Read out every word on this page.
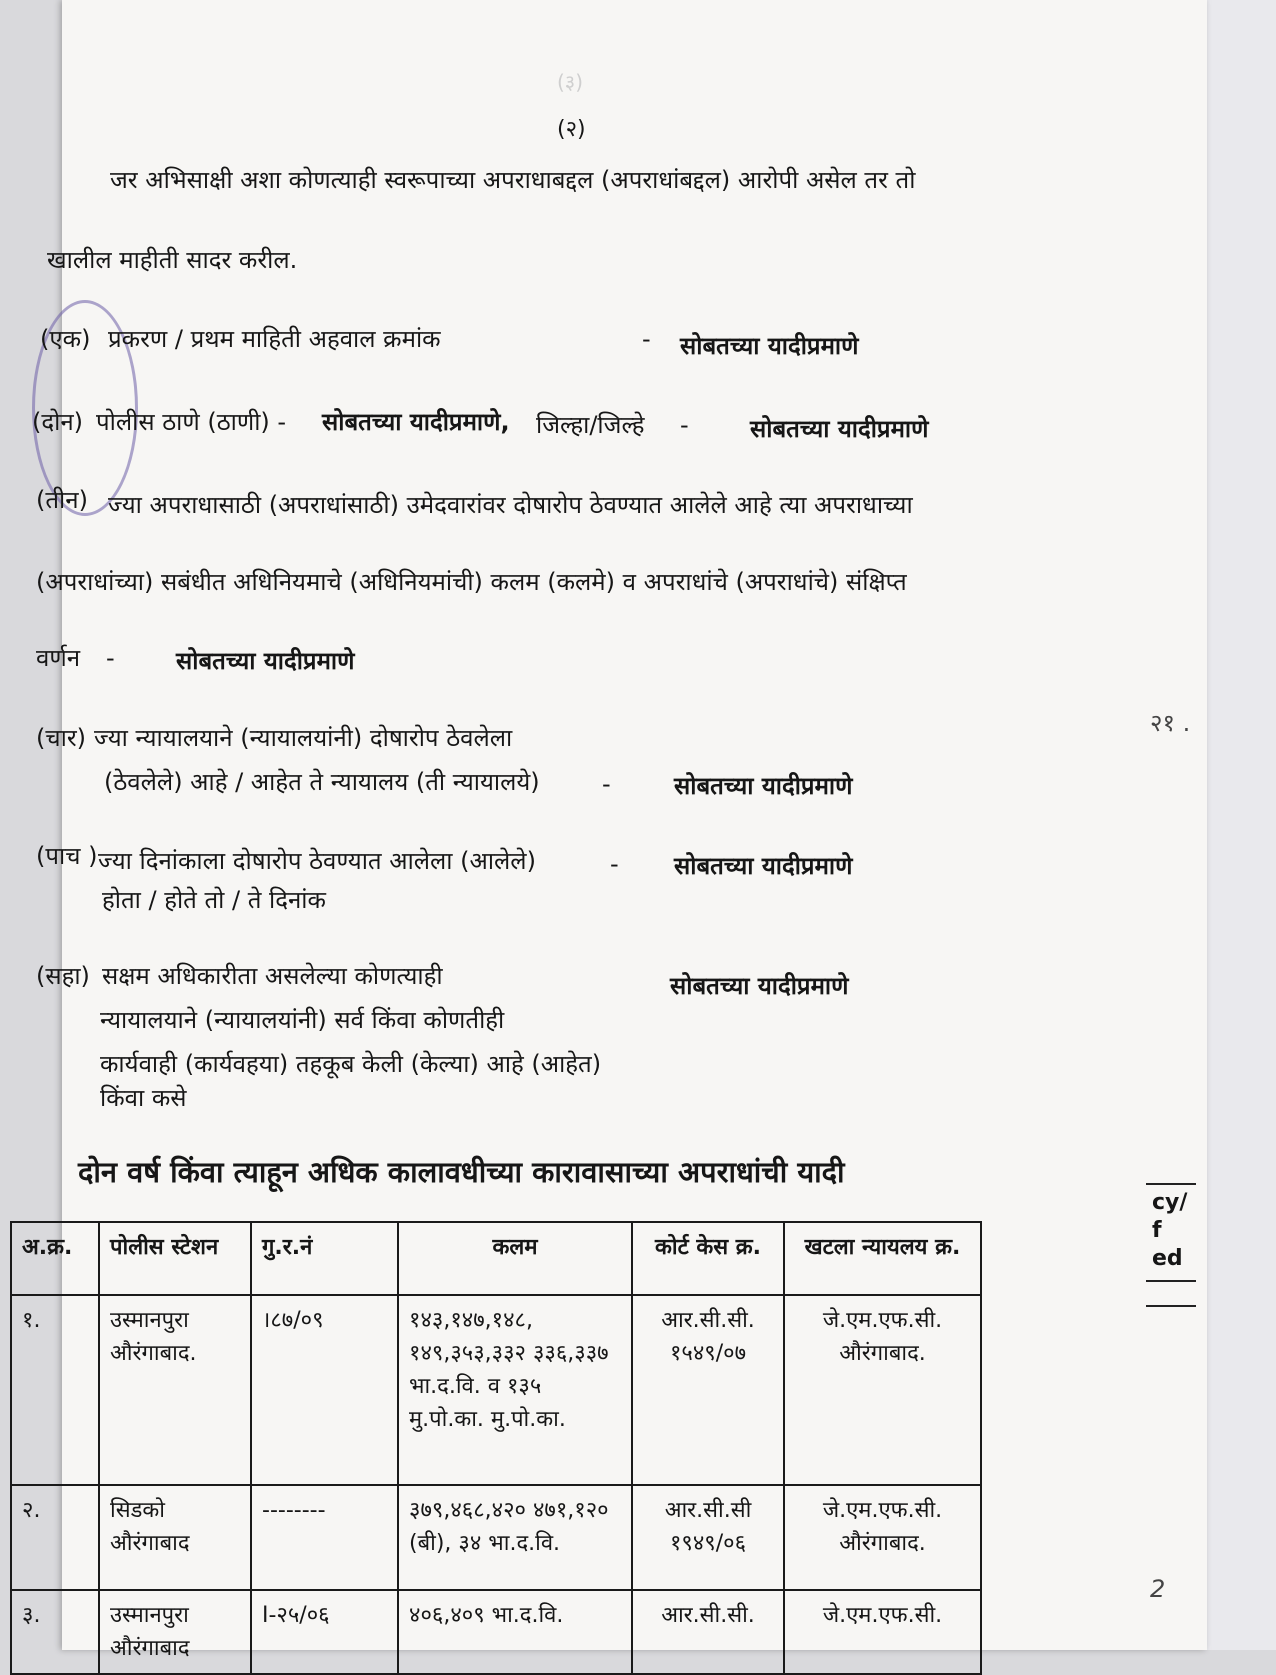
(३)
(२)
जर अभिसाक्षी अशा कोणत्याही स्वरूपाच्या अपराधाबद्दल (अपराधांबद्दल) आरोपी असेल तर तो
खालील माहीती सादर करील.
(एक) प्रकरण / प्रथम माहिती अहवाल क्रमांक	- सोबतच्या यादीप्रमाणे
(दोन) पोलीस ठाणे (ठाणी) - सोबतच्या यादीप्रमाणे, जिल्हा/जिल्हे -	सोबतच्या यादीप्रमाणे
(तीन) ज्या अपराधासाठी (अपराधांसाठी) उमेदवारांवर दोषारोप ठेवण्यात आलेले आहे त्या अपराधाच्या
(अपराधांच्या) सबंधीत अधिनियमाचे (अधिनियमांची) कलम (कलमे) व अपराधांचे (अपराधांचे) संक्षिप्त
वर्णन -	सोबतच्या यादीप्रमाणे
(चार) ज्या न्यायालयाने (न्यायालयांनी) दोषारोप ठेवलेला
(ठेवलेले) आहे / आहेत ते न्यायालय (ती न्यायालये)	-	सोबतच्या यादीप्रमाणे
(पाच ) ज्या दिनांकाला दोषारोप ठेवण्यात आलेला (आलेले)
होता / होते तो / ते दिनांक
- सोबतच्या यादीप्रमाणे
(सहा) सक्षम अधिकारीता असलेल्या कोणत्याही
न्यायालयाने (न्यायालयांनी) सर्व किंवा कोणतीही
कार्यवाही (कार्यवहया) तहकूब केली (केल्या) आहे (आहेत)
किंवा कसे
सोबतच्या यादीप्रमाणे
दोन वर्ष किंवा त्याहून अधिक कालावधीच्या कारावासाच्या अपराधांची यादी
अ.क्र.	पोलीस स्टेशन	गु.र.नं	कलम	कोर्ट केस क्र.	खटला न्यायलय क्र.
१.	उस्मानपुरा औरंगाबाद.	।८७/०९	१४३,१४७,१४८, १४९,३५३,३३२ ३३६,३३७ भा.द.वि. व १३५ मु.पो.का. मु.पो.का.	आर.सी.सी. १५४९/०७	जे.एम.एफ.सी. औरंगाबाद.
२.	सिडको औरंगाबाद	--------	३७९,४६८,४२० ४७१,१२० (बी), ३४ भा.द.वि.	आर.सी.सी १९४९/०६	जे.एम.एफ.सी. औरंगाबाद.
३.	उस्मानपुरा औरंगाबाद	I-२५/०६	४०६,४०९ भा.द.वि.	आर.सी.सी.	जे.एम.एफ.सी.
२१ .
cy/
f
ed
2
